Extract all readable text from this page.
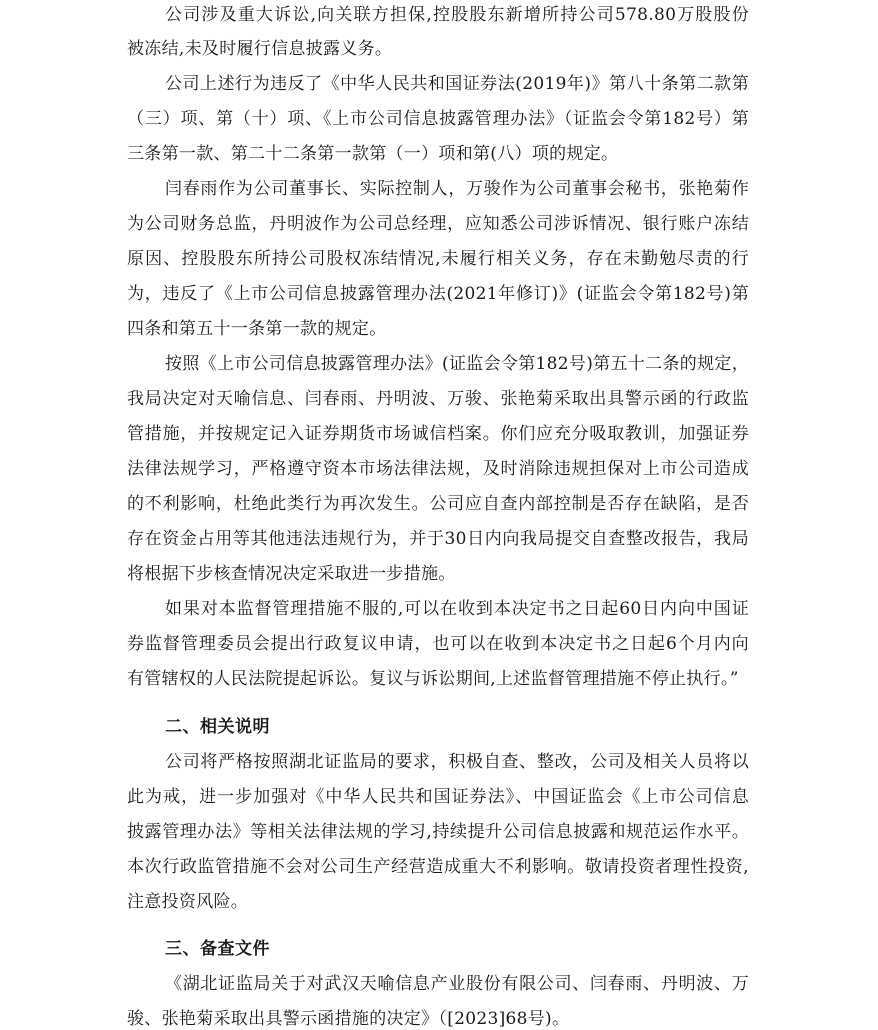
公司涉及重大诉讼,向关联方担保,控股股东新增所持公司578.80万股股份
被冻结,未及时履行信息披露义务。
公司上述行为违反了《中华人民共和国证券法(2019年)》第八十条第二款第
（三）项、第（十）项、《上市公司信息披露管理办法》（证监会令第182号）第
三条第一款、第二十二条第一款第（一）项和第(八）项的规定。
闫春雨作为公司董事长、实际控制人，万骏作为公司董事会秘书，张艳菊作
为公司财务总监，丹明波作为公司总经理，应知悉公司涉诉情况、银行账户冻结
原因、控股股东所持公司股权冻结情况,未履行相关义务，存在未勤勉尽责的行
为，违反了《上市公司信息披露管理办法(2021年修订)》(证监会令第182号)第
四条和第五十一条第一款的规定。
按照《上市公司信息披露管理办法》(证监会令第182号)第五十二条的规定，
我局决定对天喻信息、闫春雨、丹明波、万骏、张艳菊采取出具警示函的行政监
管措施，并按规定记入证券期货市场诚信档案。你们应充分吸取教训，加强证券
法律法规学习，严格遵守资本市场法律法规，及时消除违规担保对上市公司造成
的不利影响，杜绝此类行为再次发生。公司应自查内部控制是否存在缺陷，是否
存在资金占用等其他违法违规行为，并于30日内向我局提交自查整改报告，我局
将根据下步核查情况决定采取进一步措施。
如果对本监督管理措施不服的,可以在收到本决定书之日起60日内向中国证
券监督管理委员会提出行政复议申请，也可以在收到本决定书之日起6个月内向
有管辖权的人民法院提起诉讼。复议与诉讼期间,上述监督管理措施不停止执行。”
二、相关说明
公司将严格按照湖北证监局的要求，积极自查、整改，公司及相关人员将以
此为戒，进一步加强对《中华人民共和国证券法》、中国证监会《上市公司信息
披露管理办法》等相关法律法规的学习,持续提升公司信息披露和规范运作水平。
本次行政监管措施不会对公司生产经营造成重大不利影响。敬请投资者理性投资,
注意投资风险。
三、备查文件
《湖北证监局关于对武汉天喻信息产业股份有限公司、闫春雨、丹明波、万
骏、张艳菊采取出具警示函措施的决定》（[2023]68号)。
